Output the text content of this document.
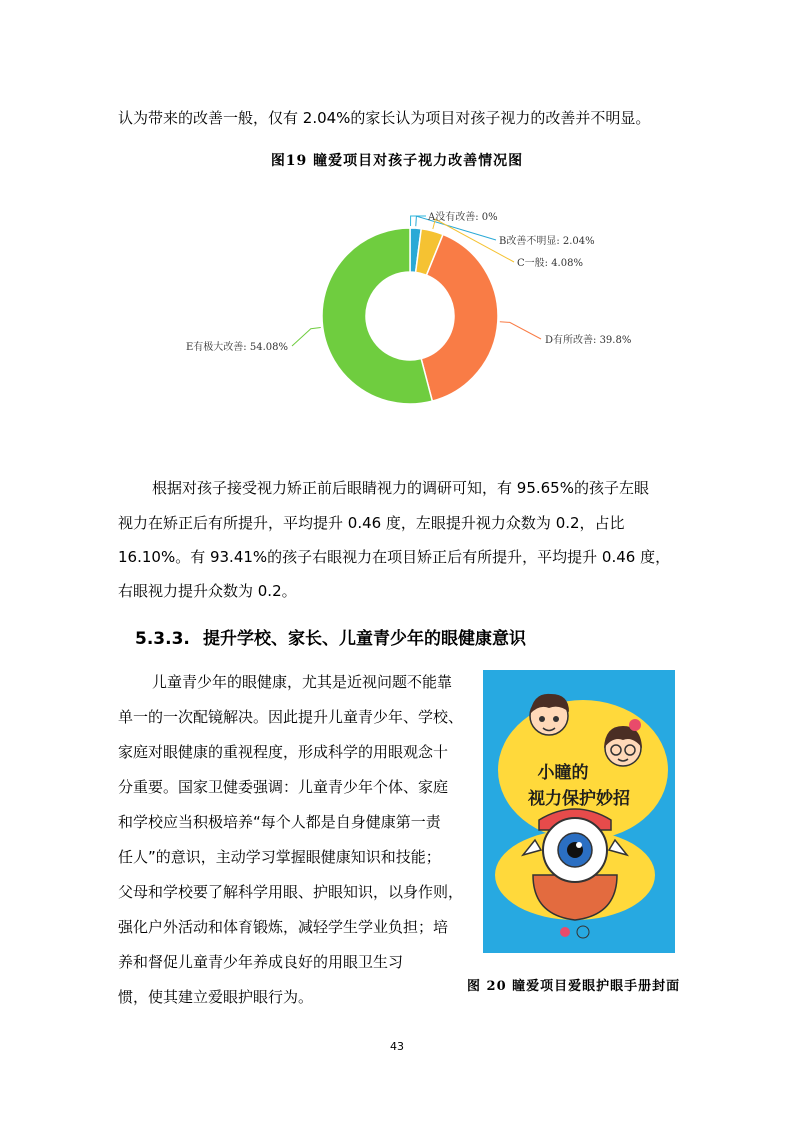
认为带来的改善一般，仅有 2.04%的家长认为项目对孩子视力的改善并不明显。
图19 瞳爱项目对孩子视力改善情况图
A没有改善: 0%
B改善不明显: 2.04%
C一般: 4.08%
D有所改善: 39.8%
E有极大改善: 54.08%
根据对孩子接受视力矫正前后眼睛视力的调研可知，有 95.65%的孩子左眼
视力在矫正后有所提升，平均提升 0.46 度，左眼提升视力众数为 0.2，占比
16.10%。有 93.41%的孩子右眼视力在项目矫正后有所提升，平均提升 0.46 度，
右眼视力提升众数为 0.2。
5.3.3. 提升学校、家长、儿童青少年的眼健康意识
儿童青少年的眼健康，尤其是近视问题不能靠
单一的一次配镜解决。因此提升儿童青少年、学校、
家庭对眼健康的重视程度，形成科学的用眼观念十
分重要。国家卫健委强调：儿童青少年个体、家庭
和学校应当积极培养“每个人都是自身健康第一责
任人”的意识，主动学习掌握眼健康知识和技能；
父母和学校要了解科学用眼、护眼知识，以身作则，
强化户外活动和体育锻炼，减轻学生学业负担；培
养和督促儿童青少年养成良好的用眼卫生习
惯，使其建立爱眼护眼行为。
小瞳的
视力保护妙招
图 20 瞳爱项目爱眼护眼手册封面
43
